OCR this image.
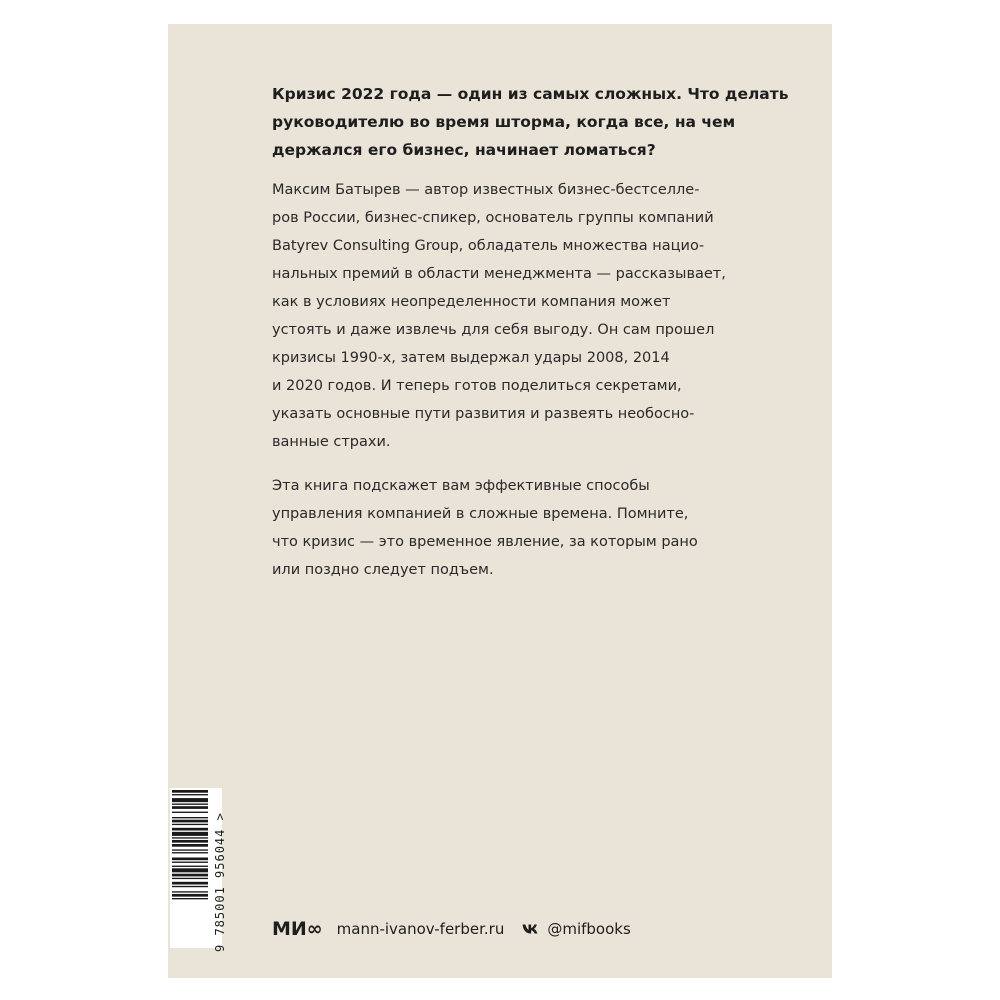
Кризис 2022 года — один из самых сложных. Что делать
руководителю во время шторма, когда все, на чем
держался его бизнес, начинает ломаться?

Максим Батырев — автор известных бизнес-бестселле-
ров России, бизнес-спикер, основатель группы компаний
Batyrev Consulting Group, обладатель множества нацио-
нальных премий в области менеджмента — рассказывает,
как в условиях неопределенности компания может
устоять и даже извлечь для себя выгоду. Он сам прошел
кризисы 1990-х, затем выдержал удары 2008, 2014
и 2020 годов. И теперь готов поделиться секретами,
указать основные пути развития и развеять необосно-
ванные страхи.

Эта книга подскажет вам эффективные способы
управления компанией в сложные времена. Помните,
что кризис — это временное явление, за которым рано
или поздно следует подъем.

9 785001 956044 > МИ∞ mann-ivanov-ferber.ru	@mifbooks
